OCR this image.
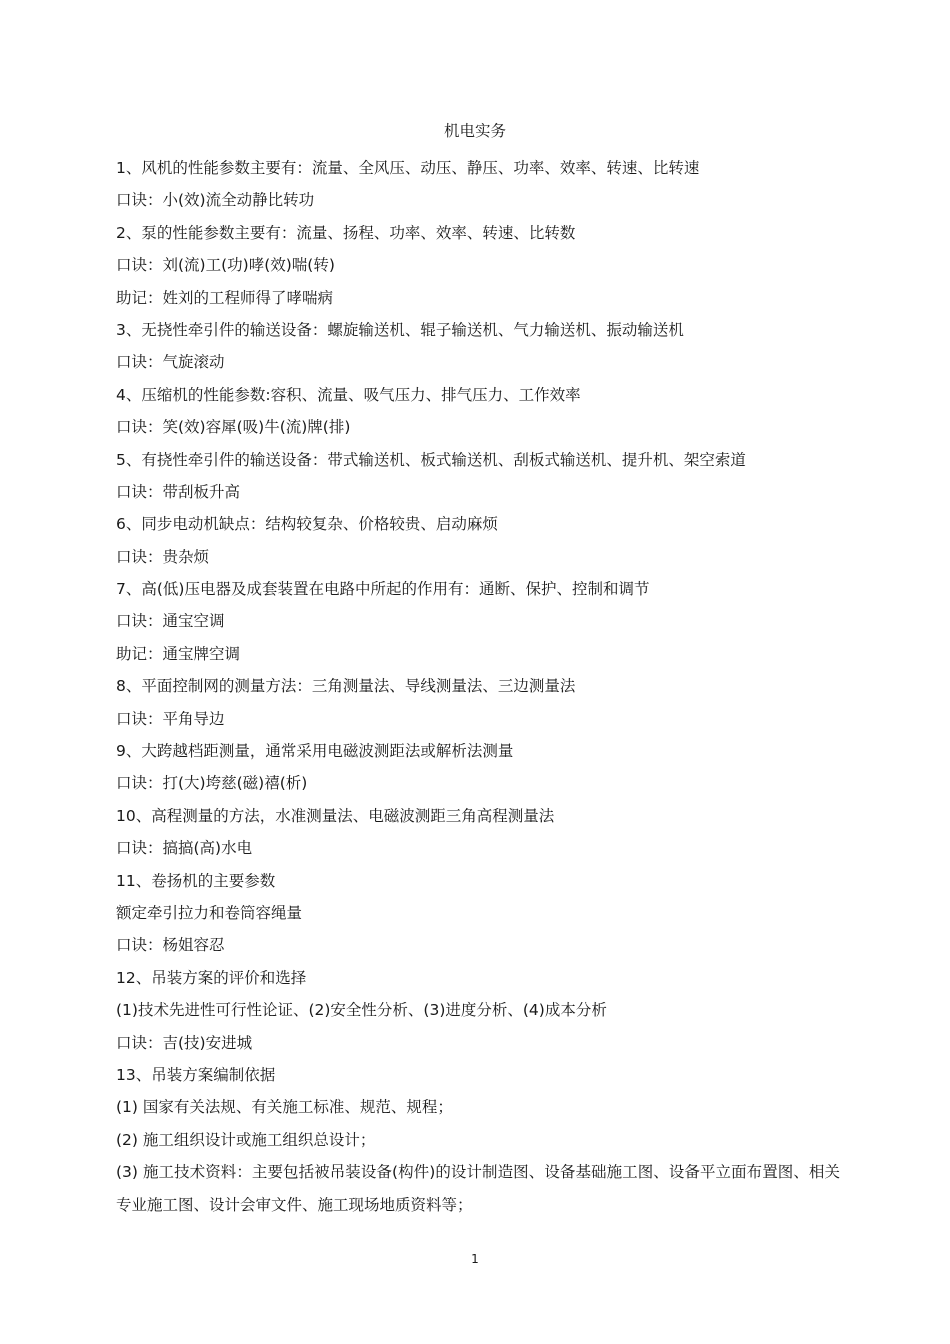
机电实务
1、风机的性能参数主要有：流量、全风压、动压、静压、功率、效率、转速、比转速
口诀：小(效)流全动静比转功
2、泵的性能参数主要有：流量、扬程、功率、效率、转速、比转数
口诀：刘(流)工(功)哮(效)喘(转)
助记：姓刘的工程师得了哮喘病
3、无挠性牵引件的输送设备：螺旋输送机、辊子输送机、气力输送机、振动输送机
口诀：气旋滚动
4、压缩机的性能参数:容积、流量、吸气压力、排气压力、工作效率
口诀：笑(效)容犀(吸)牛(流)牌(排)
5、有挠性牵引件的输送设备：带式输送机、板式输送机、刮板式输送机、提升机、架空索道
口诀：带刮板升高
6、同步电动机缺点：结构较复杂、价格较贵、启动麻烦
口诀：贵杂烦
7、高(低)压电器及成套装置在电路中所起的作用有：通断、保护、控制和调节
口诀：通宝空调
助记：通宝牌空调
8、平面控制网的测量方法：三角测量法、导线测量法、三边测量法
口诀：平角导边
9、大跨越档距测量，通常采用电磁波测距法或解析法测量
口诀：打(大)垮慈(磁)禧(析)
10、高程测量的方法，水准测量法、电磁波测距三角高程测量法
口诀：搞搞(高)水电
11、卷扬机的主要参数
额定牵引拉力和卷筒容绳量
口诀：杨姐容忍
12、吊装方案的评价和选择
(1)技术先进性可行性论证、(2)安全性分析、(3)进度分析、(4)成本分析
口诀：吉(技)安进城
13、吊装方案编制依据
(1) 国家有关法规、有关施工标准、规范、规程；
(2) 施工组织设计或施工组织总设计；
(3) 施工技术资料：主要包括被吊装设备(构件)的设计制造图、设备基础施工图、设备平立面布置图、相关专业施工图、设计会审文件、施工现场地质资料等；
1
